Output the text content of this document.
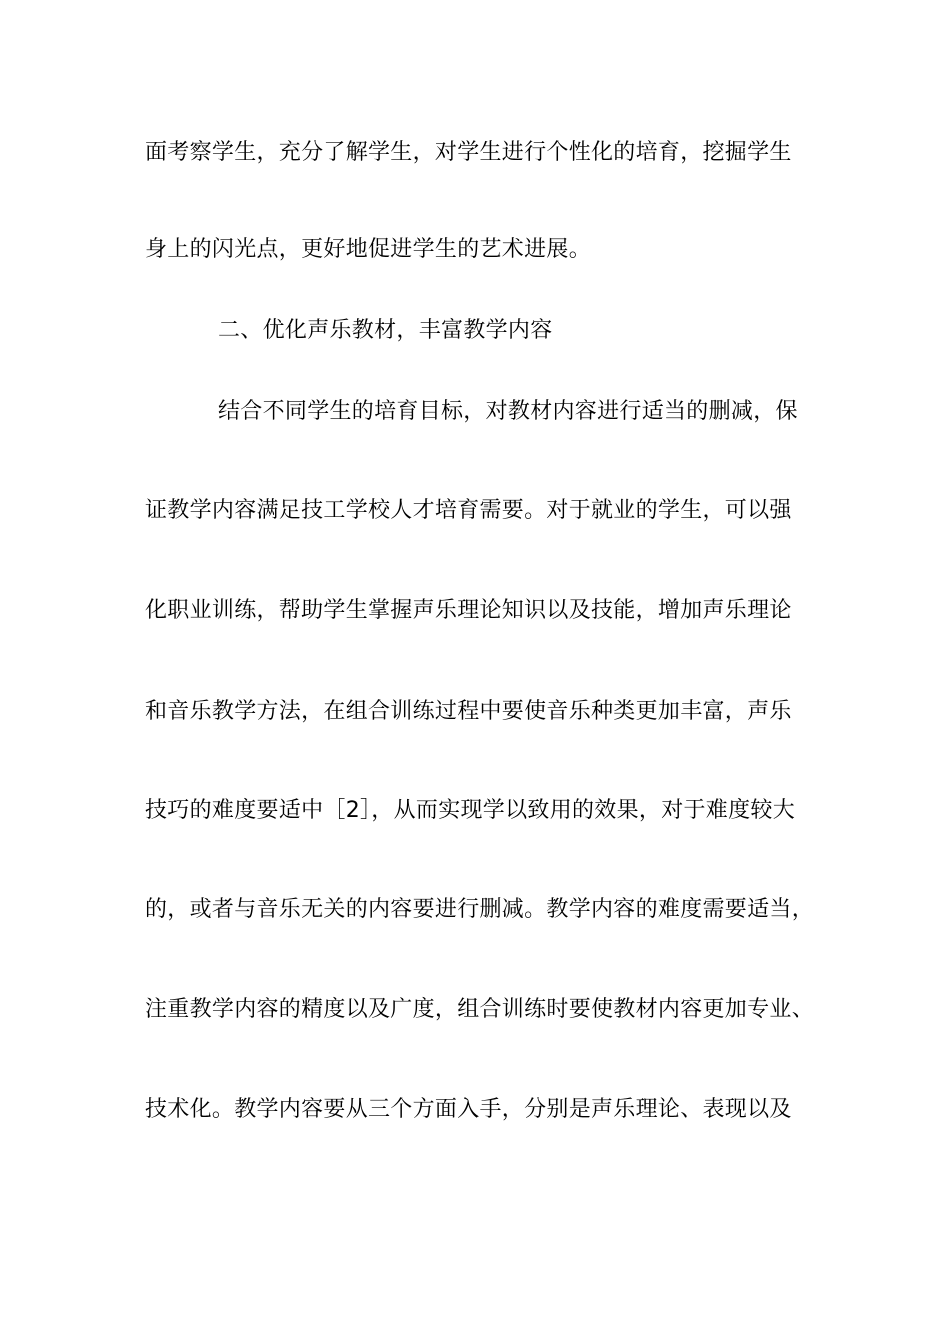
面考察学生，充分了解学生，对学生进行个性化的培育，挖掘学生
身上的闪光点，更好地促进学生的艺术进展。
二、优化声乐教材，丰富教学内容
结合不同学生的培育目标，对教材内容进行适当的删减，保
证教学内容满足技工学校人才培育需要。对于就业的学生，可以强
化职业训练，帮助学生掌握声乐理论知识以及技能，增加声乐理论
和音乐教学方法，在组合训练过程中要使音乐种类更加丰富，声乐
技巧的难度要适中［2］，从而实现学以致用的效果，对于难度较大
的，或者与音乐无关的内容要进行删减。教学内容的难度需要适当，
注重教学内容的精度以及广度，组合训练时要使教材内容更加专业、
技术化。教学内容要从三个方面入手，分别是声乐理论、表现以及
